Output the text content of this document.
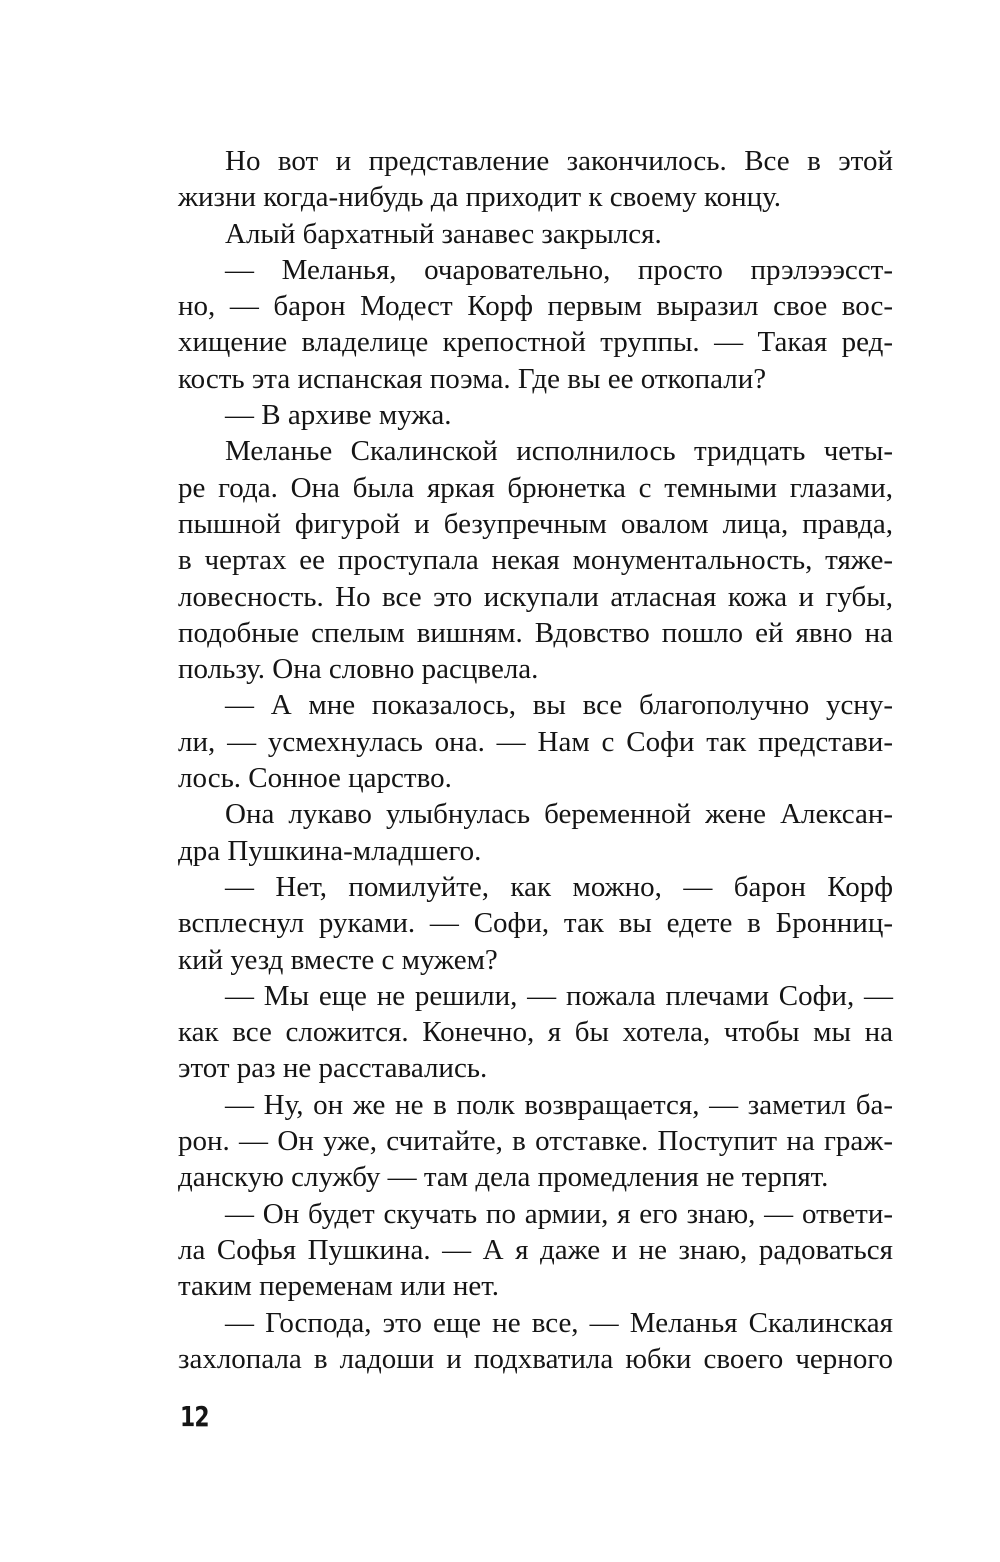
Но вот и представление закончилось. Все в этой
жизни когда-нибудь да приходит к своему концу.
Алый бархатный занавес закрылся.
— Меланья, очаровательно, просто прэлэээсст-
но, — барон Модест Корф первым выразил свое вос-
хищение владелице крепостной труппы. — Такая ред-
кость эта испанская поэма. Где вы ее откопали?
— В архиве мужа.
Меланье Скалинской исполнилось тридцать четы-
ре года. Она была яркая брюнетка с темными глазами,
пышной фигурой и безупречным овалом лица, правда,
в чертах ее проступала некая монументальность, тяже-
ловесность. Но все это искупали атласная кожа и губы,
подобные спелым вишням. Вдовство пошло ей явно на
пользу. Она словно расцвела.
— А мне показалось, вы все благополучно усну-
ли, — усмехнулась она. — Нам с Софи так представи-
лось. Сонное царство.
Она лукаво улыбнулась беременной жене Алексан-
дра Пушкина-младшего.
— Нет, помилуйте, как можно, — барон Корф
всплеснул руками. — Софи, так вы едете в Бронниц-
кий уезд вместе с мужем?
— Мы еще не решили, — пожала плечами Софи, —
как все сложится. Конечно, я бы хотела, чтобы мы на
этот раз не расставались.
— Ну, он же не в полк возвращается, — заметил ба-
рон. — Он уже, считайте, в отставке. Поступит на граж-
данскую службу — там дела промедления не терпят.
— Он будет скучать по армии, я его знаю, — ответи-
ла Софья Пушкина. — А я даже и не знаю, радоваться
таким переменам или нет.
— Господа, это еще не все, — Меланья Скалинская
захлопала в ладоши и подхватила юбки своего черного
12
